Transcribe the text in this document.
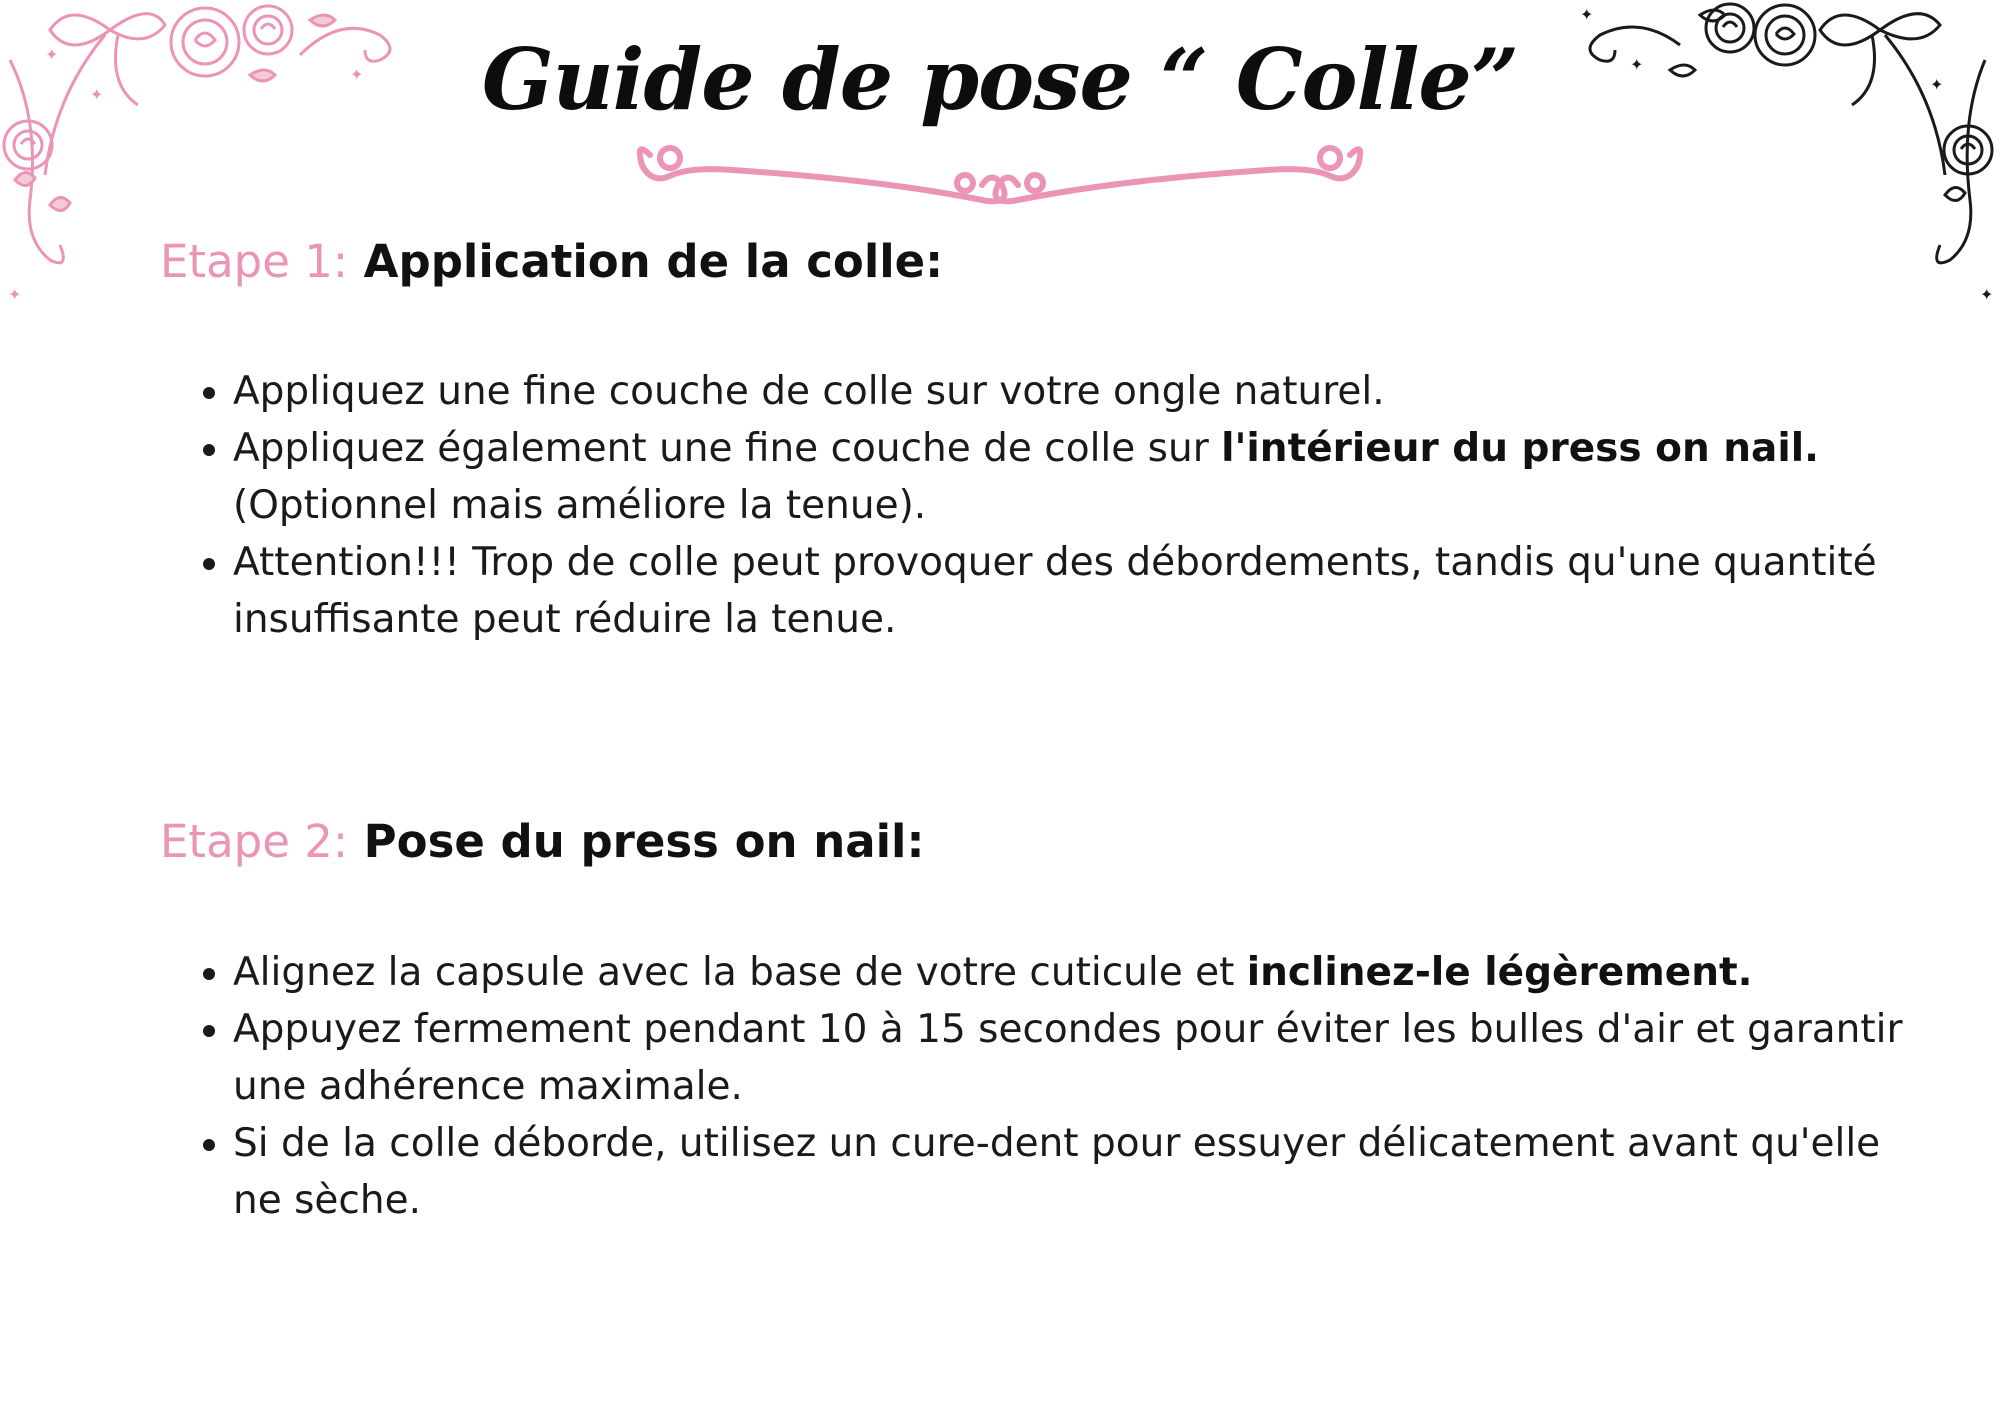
✦
✦
✦
✦
✦
✦
✦
✦
Guide de pose “ Colle”
Etape 1: Application de la colle:
• Appliquez une fine couche de colle sur votre ongle naturel.
• Appliquez également une fine couche de colle sur l'intérieur du press on nail.
(Optionnel mais améliore la tenue).
• Attention!!! Trop de colle peut provoquer des débordements, tandis qu'une quantité insuffisante peut réduire la tenue.
Etape 2: Pose du press on nail:
• Alignez la capsule avec la base de votre cuticule et inclinez-le légèrement.
• Appuyez fermement pendant 10 à 15 secondes pour éviter les bulles d'air et garantir une adhérence maximale.
• Si de la colle déborde, utilisez un cure-dent pour essuyer délicatement avant qu'elle ne sèche.
